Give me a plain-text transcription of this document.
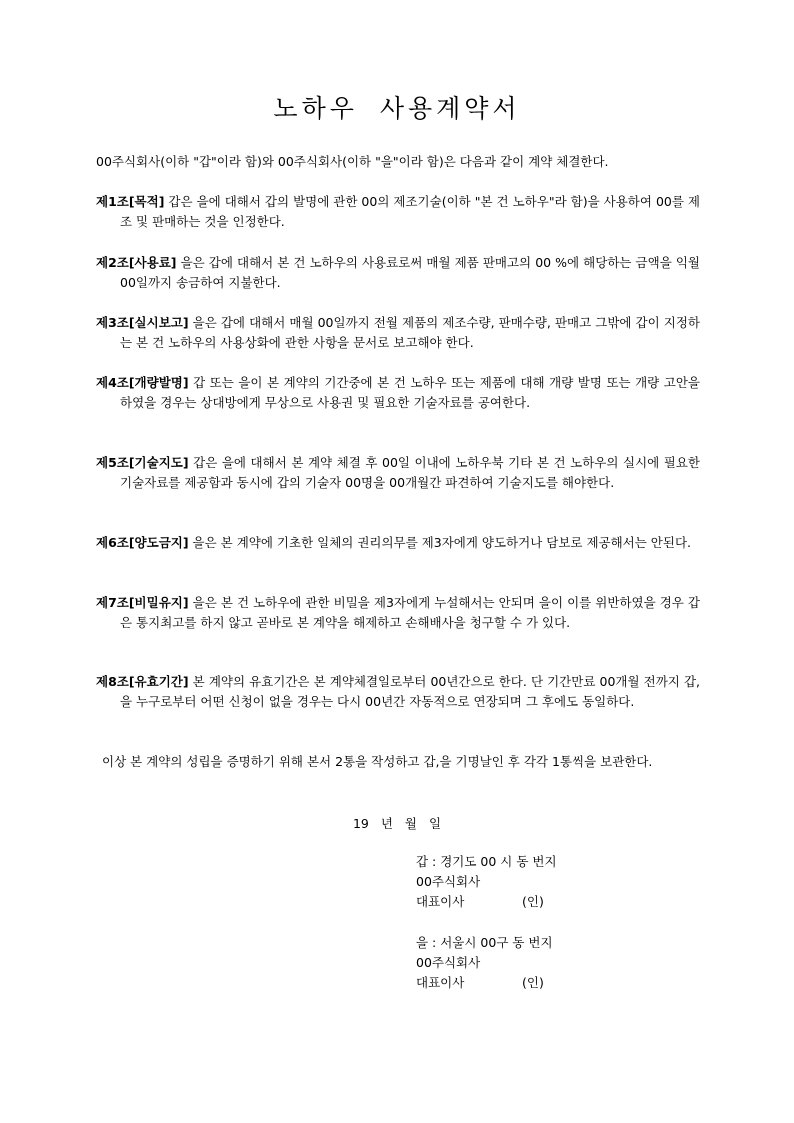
노하우 사용계약서
00주식회사(이하 "갑"이라 함)와 00주식회사(이하 "을"이라 함)은 다음과 같이 계약 체결한다.
제1조[목적] 갑은 을에 대해서 갑의 발명에 관한 00의 제조기술(이하 "본 건 노하우"라 함)을 사용하여 00를 제조 및 판매하는 것을 인정한다.
제2조[사용료] 을은 갑에 대해서 본 건 노하우의 사용료로써 매월 제품 판매고의 00 %에 해당하는 금액을 익월 00일까지 송금하여 지불한다.
제3조[실시보고] 을은 갑에 대해서 매월 00일까지 전월 제품의 제조수량, 판매수량, 판매고 그밖에 갑이 지정하는 본 건 노하우의 사용상화에 관한 사항을 문서로 보고해야 한다.
제4조[개량발명] 갑 또는 을이 본 계약의 기간중에 본 건 노하우 또는 제품에 대해 개량 발명 또는 개량 고안을 하였을 경우는 상대방에게 무상으로 사용권 및 필요한 기술자료를 공여한다.
제5조[기술지도] 갑은 을에 대해서 본 계약 체결 후 00일 이내에 노하우북 기타 본 건 노하우의 실시에 필요한 기술자료를 제공함과 동시에 갑의 기술자 00명을 00개월간 파견하여 기술지도를 해야한다.
제6조[양도금지] 을은 본 계약에 기초한 일체의 권리의무를 제3자에게 양도하거나 담보로 제공해서는 안된다.
제7조[비밀유지] 을은 본 건 노하우에 관한 비밀을 제3자에게 누설해서는 안되며 을이 이를 위반하였을 경우 갑은 통지최고를 하지 않고 곧바로 본 계약을 해제하고 손해배사을 청구할 수 가 있다.
제8조[유효기간] 본 계약의 유효기간은 본 계약체결일로부터 00년간으로 한다. 단 기간만료 00개월 전까지 갑,을 누구로부터 어떤 신청이 없을 경우는 다시 00년간 자동적으로 연장되며 그 후에도 동일하다.
이상 본 계약의 성립을 증명하기 위해 본서 2통을 작성하고 갑,을 기명날인 후 각각 1통씩을 보관한다.
19 년 월 일
갑 : 경기도 00 시 동 번지
00주식회사
대표이사	(인)
을 : 서울시 00구 동 번지
00주식회사
대표이사	(인)
